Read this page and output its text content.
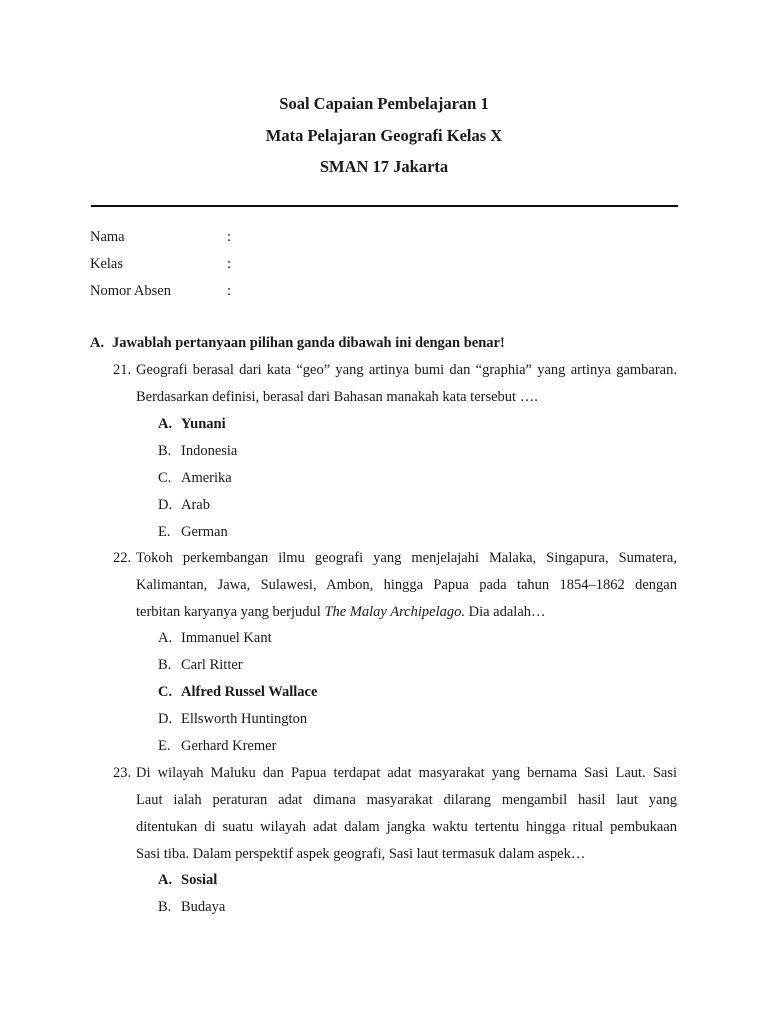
Soal Capaian Pembelajaran 1
Mata Pelajaran Geografi Kelas X
SMAN 17 Jakarta
Nama	:
Kelas	:
Nomor Absen	:
A. Jawablah pertanyaan pilihan ganda dibawah ini dengan benar!
21. Geografi berasal dari kata “geo” yang artinya bumi dan “graphia” yang artinya gambaran.
Berdasarkan definisi, berasal dari Bahasan manakah kata tersebut ….
A. Yunani
B. Indonesia
C. Amerika
D. Arab
E. German
22. Tokoh perkembangan ilmu geografi yang menjelajahi Malaka, Singapura, Sumatera,
Kalimantan, Jawa, Sulawesi, Ambon, hingga Papua pada tahun 1854–1862 dengan
terbitan karyanya yang berjudul The Malay Archipelago. Dia adalah…
A. Immanuel Kant
B. Carl Ritter
C. Alfred Russel Wallace
D. Ellsworth Huntington
E. Gerhard Kremer
23. Di wilayah Maluku dan Papua terdapat adat masyarakat yang bernama Sasi Laut. Sasi
Laut ialah peraturan adat dimana masyarakat dilarang mengambil hasil laut yang
ditentukan di suatu wilayah adat dalam jangka waktu tertentu hingga ritual pembukaan
Sasi tiba. Dalam perspektif aspek geografi, Sasi laut termasuk dalam aspek…
A. Sosial
B. Budaya
